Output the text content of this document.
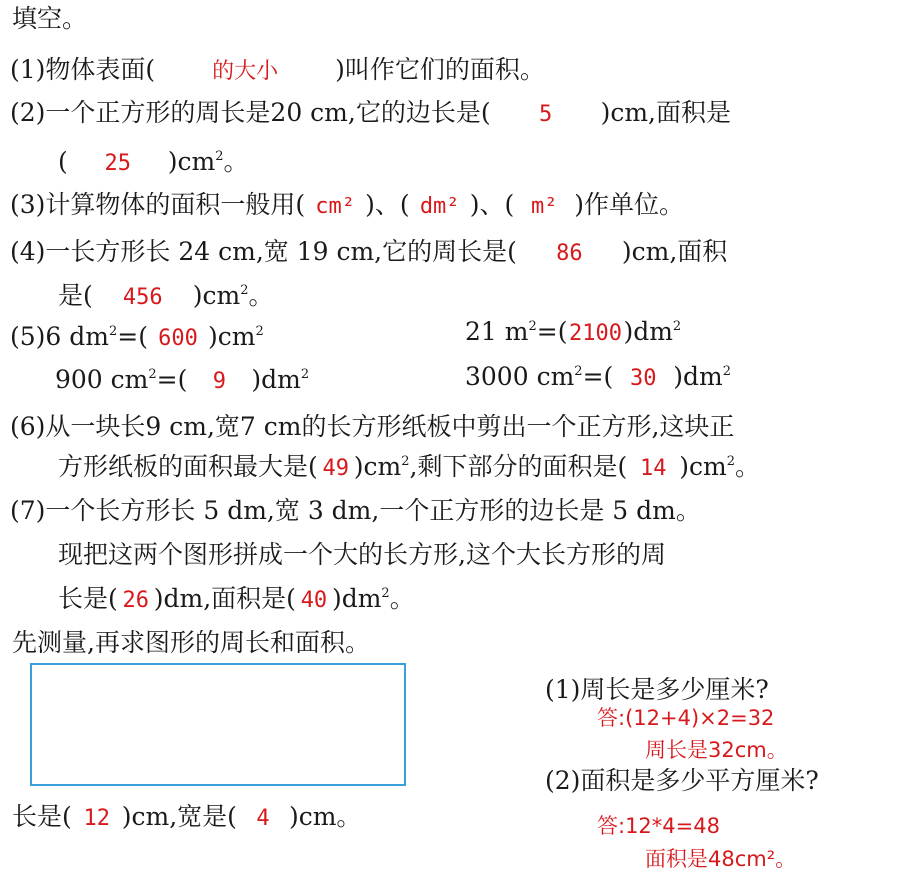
填空。
(1)物体表面(	的大小 )叫作它们的面积。
(2)一个正方形的周长是20 cm,它的边长是( 5 )cm,面积是
( 25 )$cm^2$。
(3)计算物体的面积一般用( cm² )、( dm² )、( m² )作单位。
(4)一长方形长 24 cm,宽 19 cm,它的周长是( 86 )cm,面积
是( 456 )$cm^2$。
(5)6 $dm^2=$( 600 )$cm^2$	21 $m^2=(2100)dm^2$
900 $cm^2=$( 9 )$dm^2$	3000 $cm^2=$( 30 )$dm^2$
(6)从一块长9 cm,宽7 cm的长方形纸板中剪出一个正方形,这块正
方形纸板的面积最大是( 49 )$cm^2$,剩下部分的面积是( 14 )$cm^2$。
(7)一个长方形长 5 dm,宽 3 dm,一个正方形的边长是 5 dm。
现把这两个图形拼成一个大的长方形,这个大长方形的周
长是( 26 )dm,面积是( 40 )$dm^2$。
先测量,再求图形的周长和面积。
长是( 12 )cm,宽是( 4 )cm。
(1)周长是多少厘米?
答:(12+4)×2=32
周长是32cm。
(2)面积是多少平方厘米?
答:12*4=48
面积是48cm²。
